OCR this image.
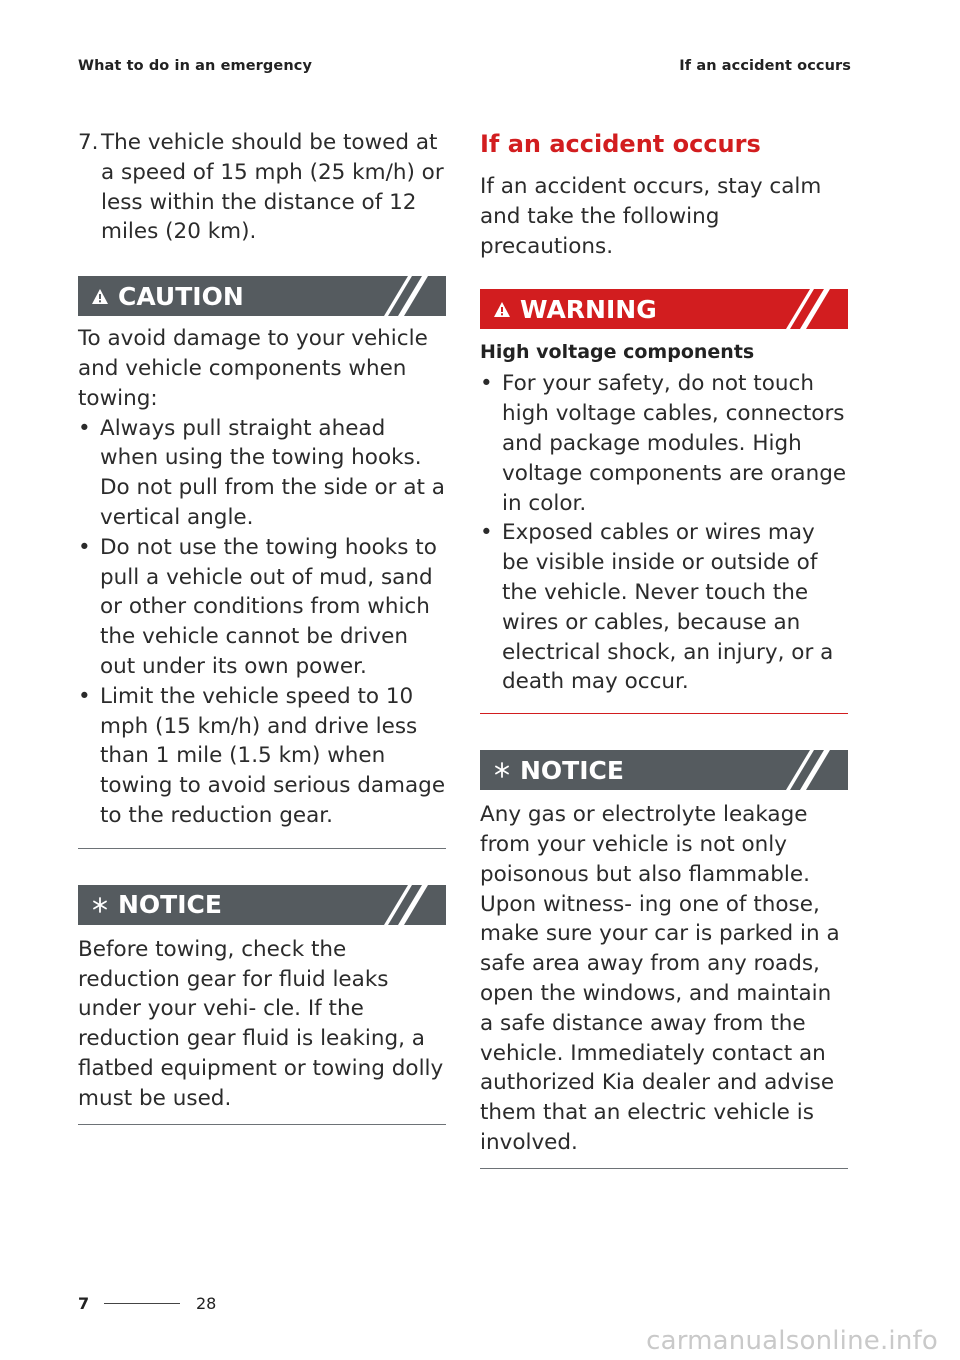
What to do in an emergency	If an accident occurs
7. The vehicle should be towed at a speed of 15 mph (25 km/h) or less within the distance of 12 miles (20 km).
CAUTION

To avoid damage to your vehicle and vehicle components when towing:

• Always pull straight ahead when using the towing hooks. Do not pull from the side or at a vertical angle.
• Do not use the towing hooks to pull a vehicle out of mud, sand or other conditions from which the vehicle cannot be driven out under its own power.
• Limit the vehicle speed to 10 mph (15 km/h) and drive less than 1 mile (1.5 km) when towing to avoid serious damage to the reduction gear.
NOTICE

Before towing, check the reduction gear for fluid leaks under your vehi- cle. If the reduction gear fluid is leaking, a flatbed equipment or towing dolly must be used.

If an accident occurs

If an accident occurs, stay calm and take the following precautions.

WARNING

High voltage components

• For your safety, do not touch high voltage cables, connectors and package modules. High voltage components are orange in color.
• Exposed cables or wires may be visible inside or outside of the vehicle. Never touch the wires or cables, because an electrical shock, an injury, or a death may occur.
NOTICE

Any gas or electrolyte leakage from your vehicle is not only poisonous but also flammable. Upon witness- ing one of those, make sure your car is parked in a safe area away from any roads, open the windows, and maintain a safe distance away from the vehicle. Immediately contact an authorized Kia dealer and advise them that an electric vehicle is involved.

7	28
carmanualsonline.info
